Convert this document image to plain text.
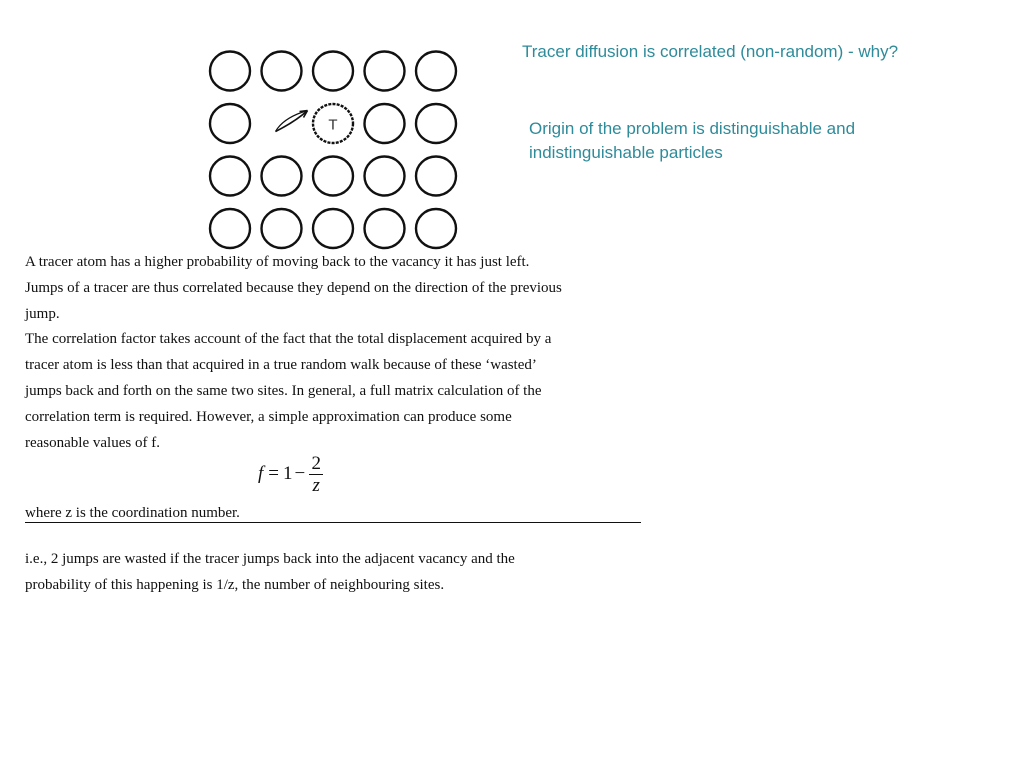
T

Tracer diffusion is correlated (non-random) - why?

Origin of the problem is distinguishable and indistinguishable particles

A tracer atom has a higher probability of moving back to the vacancy it has just left.
Jumps of a tracer are thus correlated because they depend on the direction of the previous
jump.
The correlation factor takes account of the fact that the total displacement acquired by a
tracer atom is less than that acquired in a true random walk because of these ‘wasted’
jumps back and forth on the same two sites. In general, a full matrix calculation of the
correlation term is required. However, a simple approximation can produce some
reasonable values of f.
$f = 1 - \frac{2}{z}$
where z is the coordination number.
i.e., 2 jumps are wasted if the tracer jumps back into the adjacent vacancy and the
probability of this happening is 1/z, the number of neighbouring sites.
